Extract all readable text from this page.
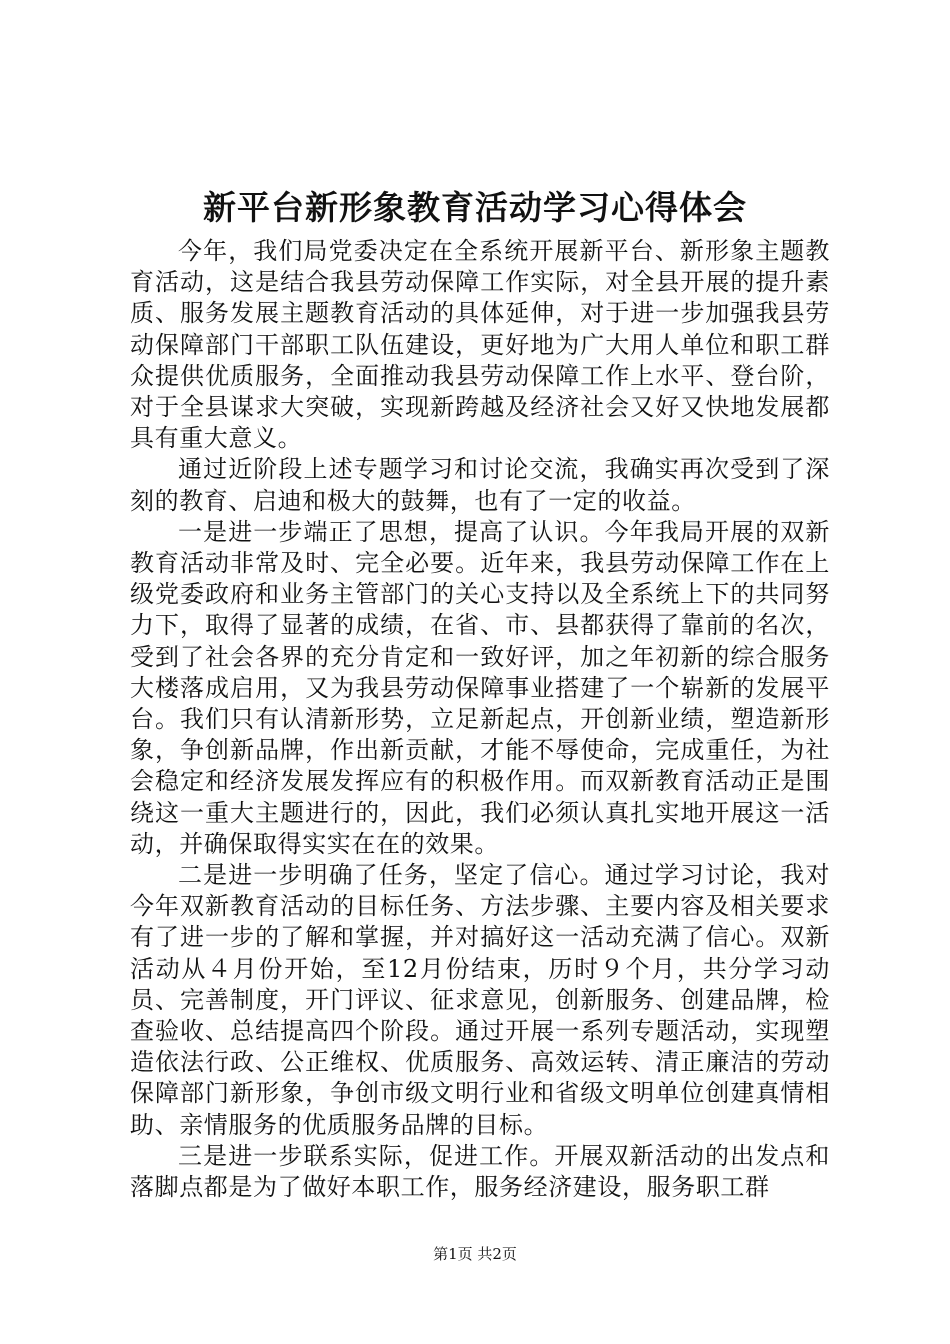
新平台新形象教育活动学习心得体会

今年，我们局党委决定在全系统开展新平台、新形象主题教育活动，这是结合我县劳动保障工作实际，对全县开展的提升素质、服务发展主题教育活动的具体延伸，对于进一步加强我县劳动保障部门干部职工队伍建设，更好地为广大用人单位和职工群众提供优质服务，全面推动我县劳动保障工作上水平、登台阶，对于全县谋求大突破，实现新跨越及经济社会又好又快地发展都具有重大意义。

通过近阶段上述专题学习和讨论交流，我确实再次受到了深刻的教育、启迪和极大的鼓舞，也有了一定的收益。

一是进一步端正了思想，提高了认识。今年我局开展的双新教育活动非常及时、完全必要。近年来，我县劳动保障工作在上级党委政府和业务主管部门的关心支持以及全系统上下的共同努力下，取得了显著的成绩，在省、市、县都获得了靠前的名次，受到了社会各界的充分肯定和一致好评，加之年初新的综合服务大楼落成启用，又为我县劳动保障事业搭建了一个崭新的发展平台。我们只有认清新形势，立足新起点，开创新业绩，塑造新形象，争创新品牌，作出新贡献，才能不辱使命，完成重任，为社会稳定和经济发展发挥应有的积极作用。而双新教育活动正是围绕这一重大主题进行的，因此，我们必须认真扎实地开展这一活动，并确保取得实实在在的效果。

二是进一步明确了任务，坚定了信心。通过学习讨论，我对今年双新教育活动的目标任务、方法步骤、主要内容及相关要求有了进一步的了解和掌握，并对搞好这一活动充满了信心。双新活动从４月份开始，至12月份结束，历时９个月，共分学习动员、完善制度，开门评议、征求意见，创新服务、创建品牌，检查验收、总结提高四个阶段。通过开展一系列专题活动，实现塑造依法行政、公正维权、优质服务、高效运转、清正廉洁的劳动保障部门新形象，争创市级文明行业和省级文明单位创建真情相助、亲情服务的优质服务品牌的目标。

三是进一步联系实际，促进工作。开展双新活动的出发点和落脚点都是为了做好本职工作，服务经济建设，服务职工群

第1页 共2页
